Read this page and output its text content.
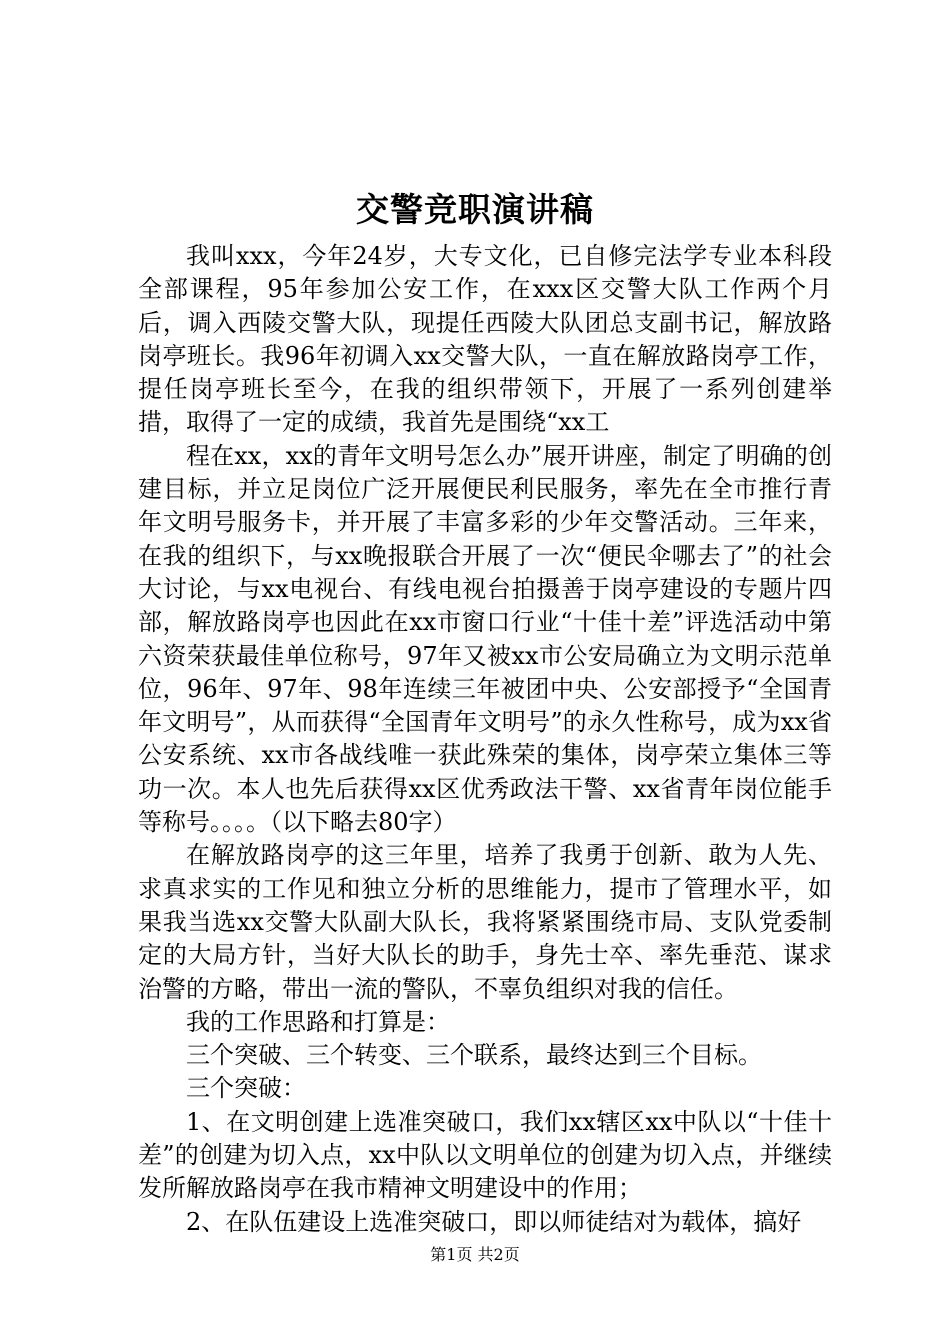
交警竞职演讲稿

我叫xxx，今年24岁，大专文化，已自修完法学专业本科段全部课程，95年参加公安工作，在xxx区交警大队工作两个月后，调入西陵交警大队，现提任西陵大队团总支副书记，解放路岗亭班长。我96年初调入xx交警大队，一直在解放路岗亭工作，提任岗亭班长至今，在我的组织带领下，开展了一系列创建举措，取得了一定的成绩，我首先是围绕“xx工

程在xx，xx的青年文明号怎么办”展开讲座，制定了明确的创建目标，并立足岗位广泛开展便民利民服务，率先在全市推行青年文明号服务卡，并开展了丰富多彩的少年交警活动。三年来，在我的组织下，与xx晚报联合开展了一次“便民伞哪去了”的社会大讨论，与xx电视台、有线电视台拍摄善于岗亭建设的专题片四部，解放路岗亭也因此在xx市窗口行业“十佳十差”评选活动中第六资荣获最佳单位称号，97年又被xx市公安局确立为文明示范单位，96年、97年、98年连续三年被团中央、公安部授予“全国青年文明号”，从而获得“全国青年文明号”的永久性称号，成为xx省公安系统、xx市各战线唯一获此殊荣的集体，岗亭荣立集体三等功一次。本人也先后获得xx区优秀政法干警、xx省青年岗位能手等称号。。。。（以下略去80字）

在解放路岗亭的这三年里，培养了我勇于创新、敢为人先、求真求实的工作见和独立分析的思维能力，提市了管理水平，如果我当选xx交警大队副大队长，我将紧紧围绕市局、支队党委制定的大局方针，当好大队长的助手，身先士卒、率先垂范、谋求治警的方略，带出一流的警队，不辜负组织对我的信任。

我的工作思路和打算是：

三个突破、三个转变、三个联系，最终达到三个目标。

三个突破：

1、在文明创建上选准突破口，我们xx辖区xx中队以“十佳十差”的创建为切入点，xx中队以文明单位的创建为切入点，并继续发所解放路岗亭在我市精神文明建设中的作用；

2、在队伍建设上选准突破口，即以师徒结对为载体，搞好

第1页 共2页
